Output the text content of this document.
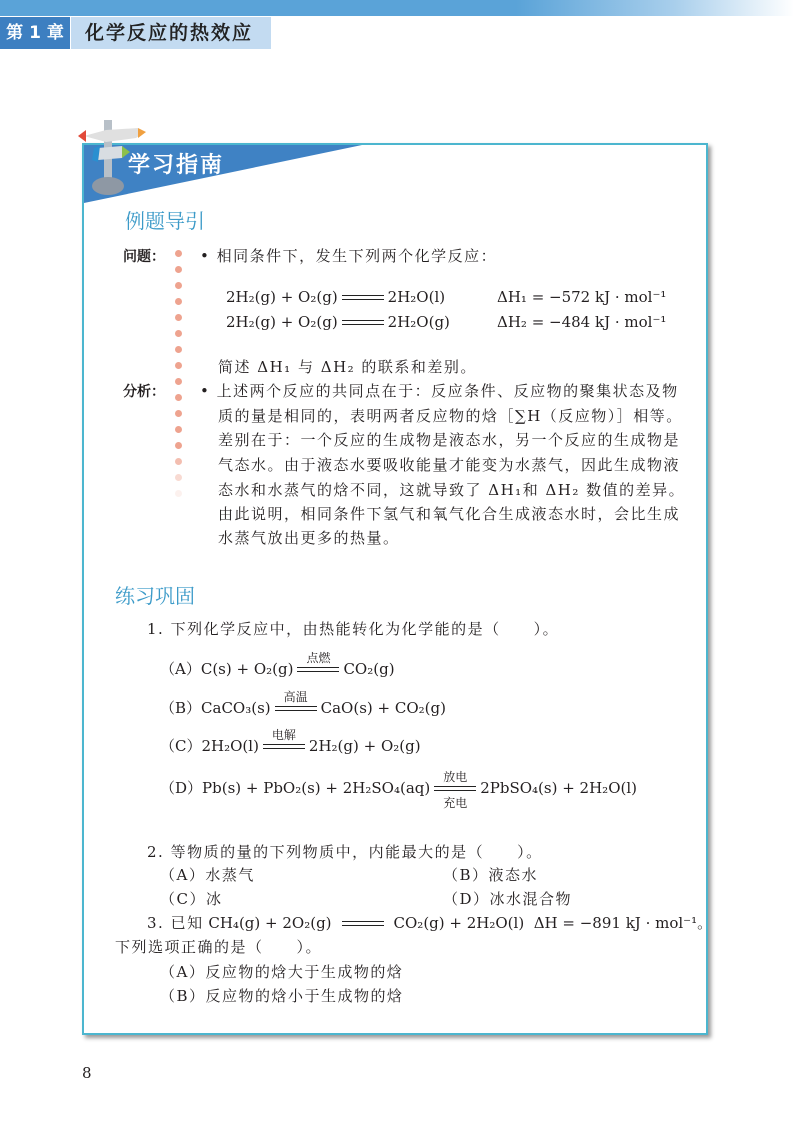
第 1 章	化学反应的热效应
学习指南
例题导引
问题： • 相同条件下，发生下列两个化学反应：
2H₂(g) + O₂(g)	2H₂O(l)	ΔH₁ = −572 kJ · mol⁻¹
2H₂(g) + O₂(g)	2H₂O(g)	ΔH₂ = −484 kJ · mol⁻¹
简述 ΔH₁ 与 ΔH₂ 的联系和差别。
分析： • 上述两个反应的共同点在于：反应条件、反应物的聚集状态及物
质的量是相同的，表明两者反应物的焓［∑H（反应物）］相等。
差别在于：一个反应的生成物是液态水，另一个反应的生成物是
气态水。由于液态水要吸收能量才能变为水蒸气，因此生成物液
态水和水蒸气的焓不同，这就导致了 ΔH₁和 ΔH₂ 数值的差异。
由此说明，相同条件下氢气和氧气化合生成液态水时，会比生成
水蒸气放出更多的热量。
练习巩固
1. 下列化学反应中，由热能转化为化学能的是（　　）。
（A）C(s) + O₂(g)
点燃
CO₂(g)
（B）CaCO₃(s)
高温
CaO(s) + CO₂(g)
（C）2H₂O(l)
电解
2H₂(g) + O₂(g)
（D）Pb(s) + PbO₂(s) + 2H₂SO₄(aq)
放电
充电
2PbSO₄(s) + 2H₂O(l)
2. 等物质的量的下列物质中，内能最大的是（　　）。
（A）水蒸气	（B）液态水
（C）冰	（D）冰水混合物
3. 已知 CH₄(g) + 2O₂(g)	CO₂(g) + 2H₂O(l) ΔH = −891 kJ · mol⁻¹。
下列选项正确的是（　　）。
（A）反应物的焓大于生成物的焓
（B）反应物的焓小于生成物的焓
8
